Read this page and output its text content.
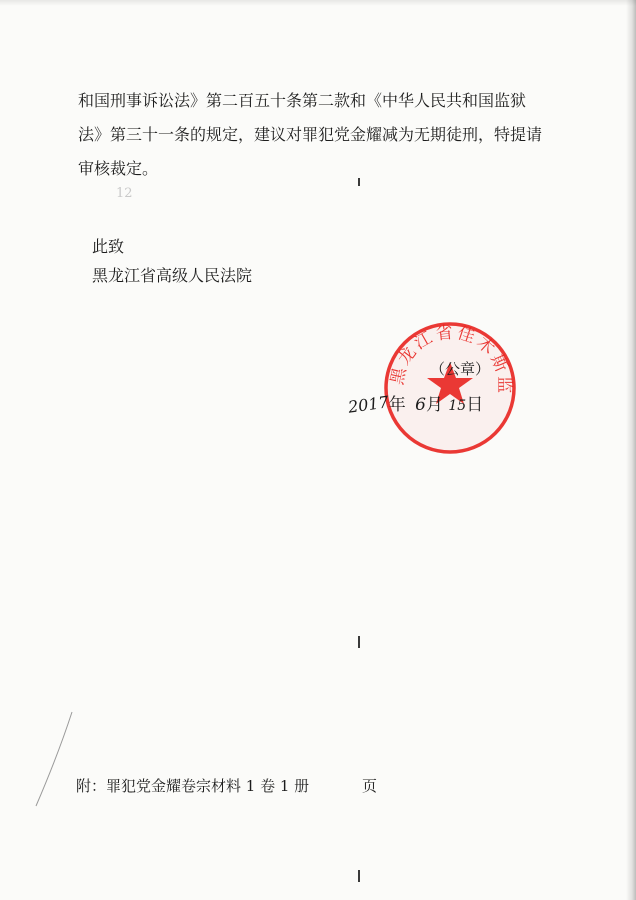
和国刑事诉讼法》第二百五十条第二款和《中华人民共和国监狱

法》第三十一条的规定，建议对罪犯党金耀减为无期徒刑，特提请

审核裁定。

12

此致

黑龙江省高级人民法院
黑龙江省佳木斯监
（公章）
2017年 6月 15日
附：罪犯党金耀卷宗材料 1 卷 1 册	页
